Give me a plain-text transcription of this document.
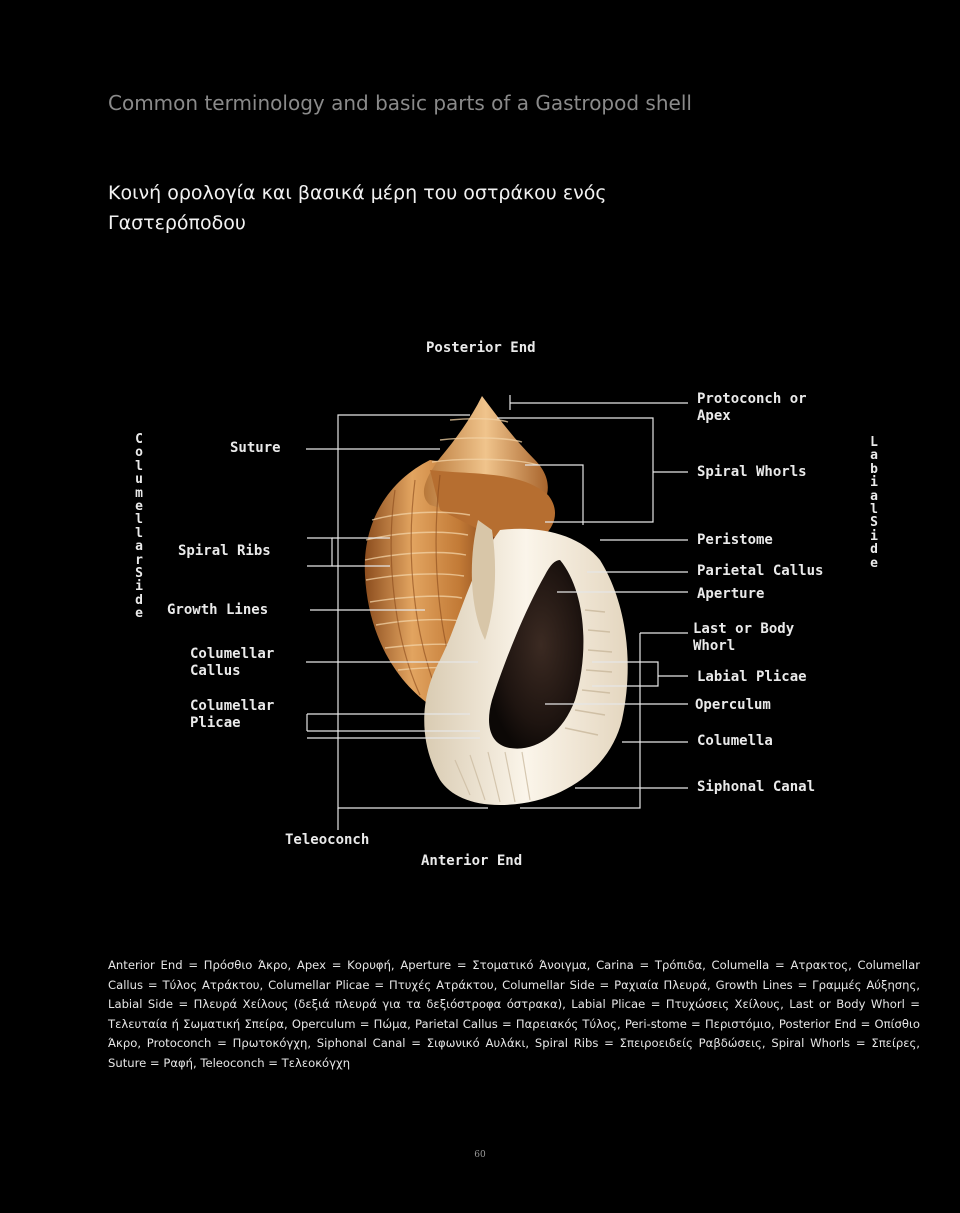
Common terminology and basic parts of a Gastropod shell
Κοινή ορολογία και βασικά μέρη του οστράκου ενός Γαστερόποδου
Posterior End
Anterior End
Teleoconch
C
o
l
u
m
e
l
l
a
r
S
i
d
e
L
a
b
i
a
l
S
i
d
e
Suture
Spiral Ribs
Growth Lines
Columellar
Callus
Columellar
Plicae
Protoconch or
Apex
Spiral Whorls
Peristome
Parietal Callus
Aperture
Last or Body
Whorl
Labial Plicae
Operculum
Columella
Siphonal Canal
Anterior End = Πρόσθιο Άκρο, Apex = Κορυφή, Aperture = Στοματικό Άνοιγμα, Carina = Τρόπιδα, Columella = Ατρακτος, Columellar Callus = Τύλος Ατράκτου, Columellar Plicae = Πτυχές Ατράκτου, Columellar Side = Ραχιαία Πλευρά, Growth Lines = Γραμμές Αύξησης, Labial Side = Πλευρά Χείλους (δεξιά πλευρά για τα δεξιόστροφα όστρακα), Labial Plicae = Πτυχώσεις Χείλους, Last or Body Whorl = Τελευταία ή Σωματική Σπείρα, Operculum = Πώμα, Parietal Callus = Παρειακός Τύλος, Peri-stome = Περιστόμιο, Posterior End = Οπίσθιο Άκρο, Protoconch = Πρωτοκόγχη, Siphonal Canal = Σιφωνικό Αυλάκι, Spiral Ribs = Σπειροειδείς Ραβδώσεις, Spiral Whorls = Σπείρες, Suture = Ραφή, Teleoconch = Τελεοκόγχη
60
